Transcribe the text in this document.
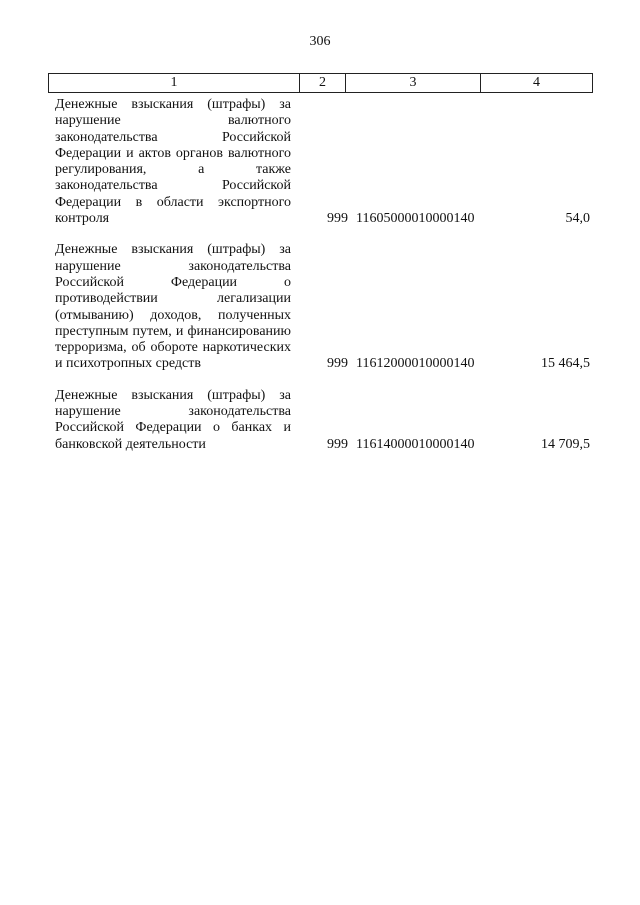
306
1	2	3	4
Денежные взыскания (штрафы) за нарушение валютного законодательства Российской Федерации и актов органов валютного регулирования, а также законодательства Российской Федерации в области экспортного контроля	999 11605000010000140	54,0
Денежные взыскания (штрафы) за нарушение законодательства Российской Федерации о противодействии легализации (отмыванию) доходов, полученных преступным путем, и финансированию терроризма, об обороте наркотических и психотропных средств	999 11612000010000140	15 464,5
Денежные взыскания (штрафы) за нарушение законодательства Российской Федерации о банках и банковской деятельности	999 11614000010000140	14 709,5
